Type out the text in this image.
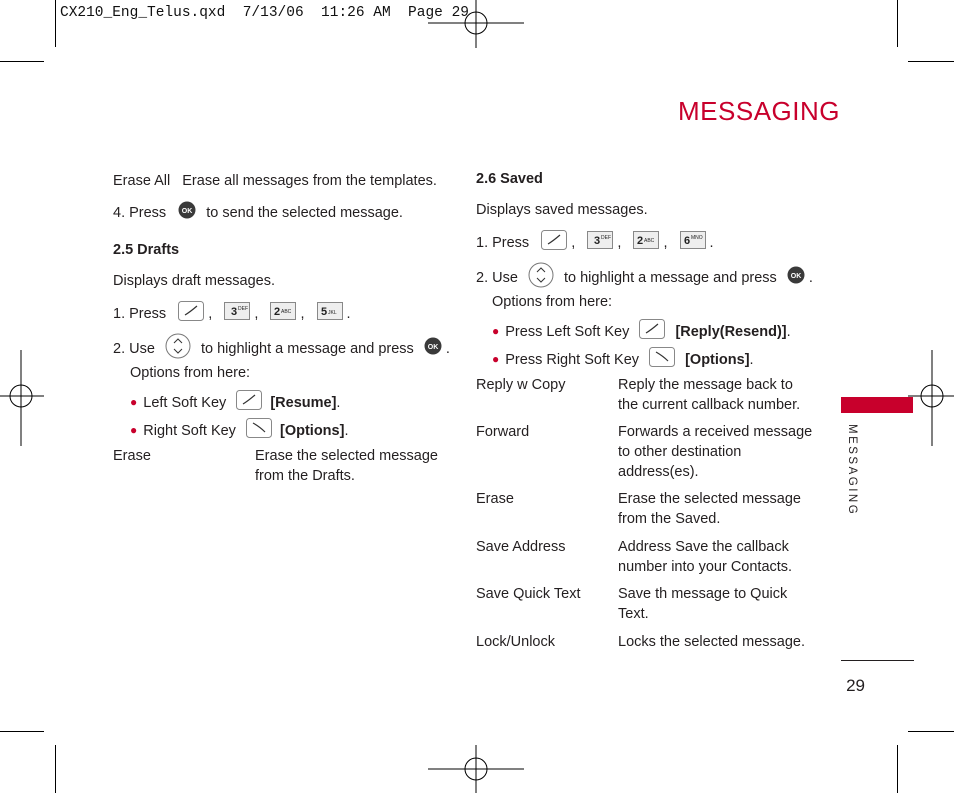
CX210_Eng_Telus.qxd  7/13/06  11:26 AM  Page 29
MESSAGING
Erase All Erase all messages from the templates.
4. Press OK to send the selected message.
2.5 Drafts
Displays draft messages.
1. Press	, 3 DEF , 2 ABC , 5 JKL .
2. Use	to highlight a message and press OK .
Options from here:
● Left Soft Key	[Resume].
● Right Soft Key	[Options].
Erase	Erase the selected message
from the Drafts.
2.6 Saved
Displays saved messages.
1. Press	, 3 DEF , 2 ABC , 6 MNO .
2. Use	to highlight a message and press OK .
Options from here:
● Press Left Soft Key	[Reply(Resend)].
● Press Right Soft Key	[Options].
Reply w Copy	Reply the message back to
the current callback number.
Forward	Forwards a received message
to other destination
address(es).
Erase	Erase the selected message
from the Saved.
Save Address	Address Save the callback
number into your Contacts.
Save Quick Text	Save th message to Quick
Text.
Lock/Unlock	Locks the selected message.
MESSAGING
29
